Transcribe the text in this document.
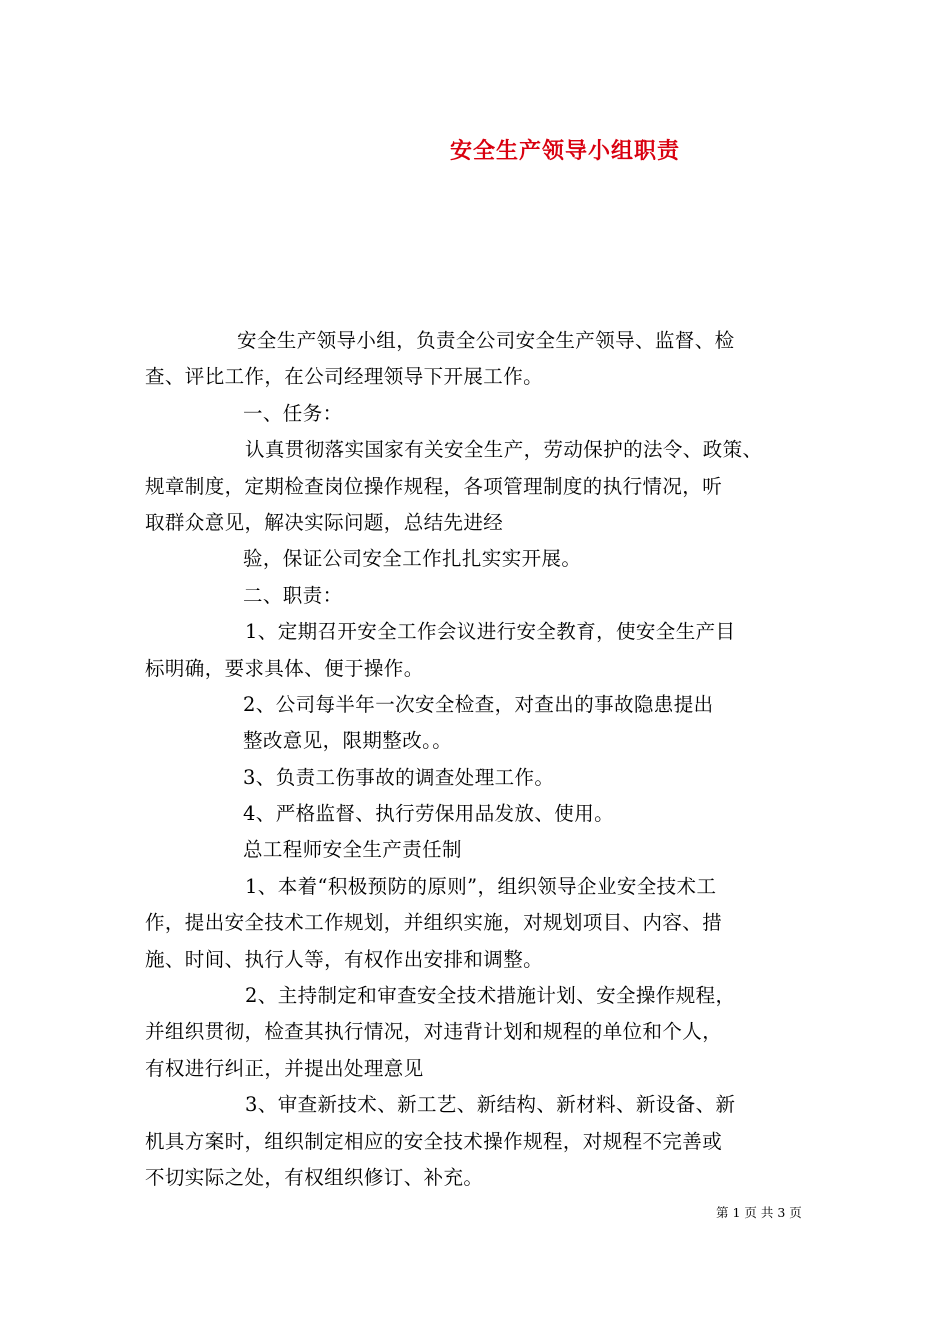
安全生产领导小组职责
安全生产领导小组，负责全公司安全生产领导、监督、检
查、评比工作，在公司经理领导下开展工作。
一、任务：
认真贯彻落实国家有关安全生产，劳动保护的法令、政策、
规章制度，定期检查岗位操作规程，各项管理制度的执行情况，听
取群众意见，解决实际问题，总结先进经
验，保证公司安全工作扎扎实实开展。
二、职责：
1、定期召开安全工作会议进行安全教育，使安全生产目
标明确，要求具体、便于操作。
2、公司每半年一次安全检查，对查出的事故隐患提出
整改意见，限期整改。。
3、负责工伤事故的调查处理工作。
4、严格监督、执行劳保用品发放、使用。
总工程师安全生产责任制
1、本着“积极预防的原则”，组织领导企业安全技术工
作，提出安全技术工作规划，并组织实施，对规划项目、内容、措
施、时间、执行人等，有权作出安排和调整。
2、主持制定和审查安全技术措施计划、安全操作规程，
并组织贯彻，检查其执行情况，对违背计划和规程的单位和个人，
有权进行纠正，并提出处理意见
3、审查新技术、新工艺、新结构、新材料、新设备、新
机具方案时，组织制定相应的安全技术操作规程，对规程不完善或
不切实际之处，有权组织修订、补充。
第 1 页 共 3 页
